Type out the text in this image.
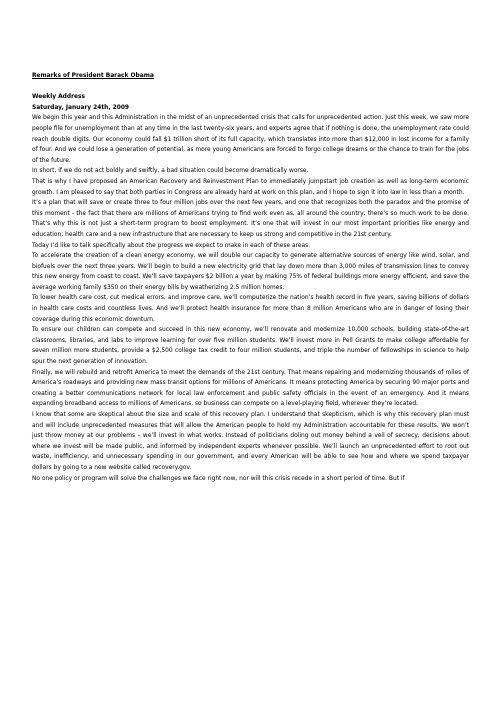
Remarks of President Barack Obama
Weekly Address
Saturday, January 24th, 2009

We begin this year and this Administration in the midst of an unprecedented crisis that calls for unprecedented action. Just this week, we saw more people file for unemployment than at any time in the last twenty-six years, and experts agree that if nothing is done, the unemployment rate could reach double digits. Our economy could fall $1 trillion short of its full capacity, which translates into more than $12,000 in lost income for a family of four. And we could lose a generation of potential, as more young Americans are forced to forgo college dreams or the chance to train for the jobs of the future.

In short, if we do not act boldly and swiftly, a bad situation could become dramatically worse.

That is why I have proposed an American Recovery and Reinvestment Plan to immediately jumpstart job creation as well as long-term economic growth. I am pleased to say that both parties in Congress are already hard at work on this plan, and I hope to sign it into law in less than a month.

It’s a plan that will save or create three to four million jobs over the next few years, and one that recognizes both the paradox and the promise of this moment - the fact that there are millions of Americans trying to find work even as, all around the country, there’s so much work to be done. That’s why this is not just a short-term program to boost employment. It’s one that will invest in our most important priorities like energy and education; health care and a new infrastructure that are necessary to keep us strong and competitive in the 21st century.

Today I’d like to talk specifically about the progress we expect to make in each of these areas.

To accelerate the creation of a clean energy economy, we will double our capacity to generate alternative sources of energy like wind, solar, and biofuels over the next three years. We’ll begin to build a new electricity grid that lay down more than 3,000 miles of transmission lines to convey this new energy from coast to coast. We’ll save taxpayers $2 billion a year by making 75% of federal buildings more energy efficient, and save the average working family $350 on their energy bills by weatherizing 2.5 million homes.

To lower health care cost, cut medical errors, and improve care, we’ll computerize the nation’s health record in five years, saving billions of dollars in health care costs and countless lives. And we’ll protect health insurance for more than 8 million Americans who are in danger of losing their coverage during this economic downturn.

To ensure our children can compete and succeed in this new economy, we’ll renovate and modernize 10,000 schools, building state-of-the-art classrooms, libraries, and labs to improve learning for over five million students. We’ll invest more in Pell Grants to make college affordable for seven million more students, provide a $2,500 college tax credit to four million students, and triple the number of fellowships in science to help spur the next generation of innovation.

Finally, we will rebuild and retrofit America to meet the demands of the 21st century. That means repairing and modernizing thousands of miles of America’s roadways and providing new mass transit options for millions of Americans. It means protecting America by securing 90 major ports and creating a better communications network for local law enforcement and public safety officials in the event of an emergency. And it means expanding broadband access to millions of Americans, so business can compete on a level-playing field, wherever they’re located.

I know that some are skeptical about the size and scale of this recovery plan. I understand that skepticism, which is why this recovery plan must and will include unprecedented measures that will allow the American people to hold my Administration accountable for these results. We won’t just throw money at our problems – we’ll invest in what works. Instead of politicians doling out money behind a veil of secrecy, decisions about where we invest will be made public, and informed by independent experts whenever possible. We’ll launch an unprecedented effort to root out waste, inefficiency, and unnecessary spending in our government, and every American will be able to see how and where we spend taxpayer dollars by going to a new website called recovery.gov.

No one policy or program will solve the challenges we face right now, nor will this crisis recede in a short period of time. But if
